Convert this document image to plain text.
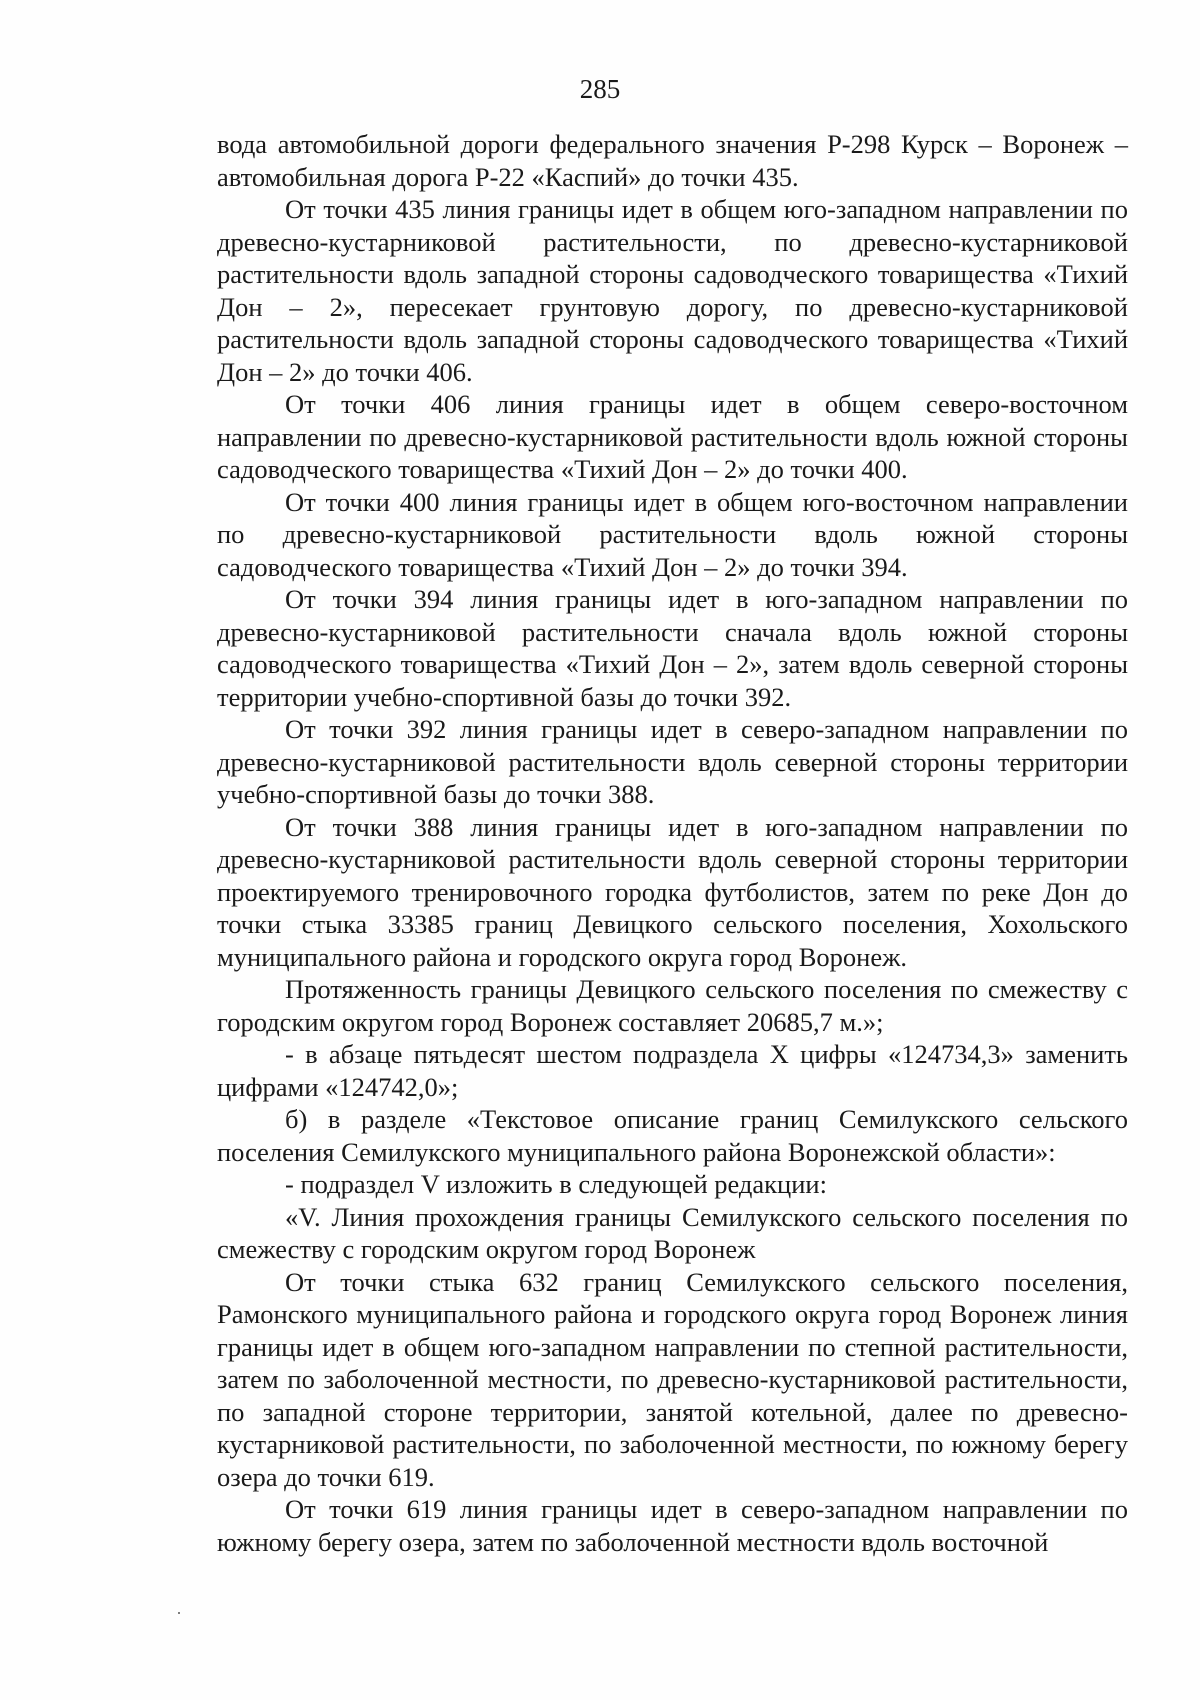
285

вода автомобильной дороги федерального значения Р-298 Курск – Воронеж – автомобильная дорога Р-22 «Каспий» до точки 435.

От точки 435 линия границы идет в общем юго-западном направлении по древесно-кустарниковой растительности, по древесно-кустарниковой растительности вдоль западной стороны садоводческого товарищества «Тихий Дон – 2», пересекает грунтовую дорогу, по древесно-кустарниковой растительности вдоль западной стороны садоводческого товарищества «Тихий Дон – 2» до точки 406.

От точки 406 линия границы идет в общем северо-восточном направлении по древесно-кустарниковой растительности вдоль южной стороны садоводческого товарищества «Тихий Дон – 2» до точки 400.

От точки 400 линия границы идет в общем юго-восточном направлении по древесно-кустарниковой растительности вдоль южной стороны садоводческого товарищества «Тихий Дон – 2» до точки 394.

От точки 394 линия границы идет в юго-западном направлении по древесно-кустарниковой растительности сначала вдоль южной стороны садоводческого товарищества «Тихий Дон – 2», затем вдоль северной стороны территории учебно-спортивной базы до точки 392.

От точки 392 линия границы идет в северо-западном направлении по древесно-кустарниковой растительности вдоль северной стороны территории учебно-спортивной базы до точки 388.

От точки 388 линия границы идет в юго-западном направлении по древесно-кустарниковой растительности вдоль северной стороны территории проектируемого тренировочного городка футболистов, затем по реке Дон до точки стыка 33385 границ Девицкого сельского поселения, Хохольского муниципального района и городского округа город Воронеж.

Протяженность границы Девицкого сельского поселения по смежеству с городским округом город Воронеж составляет 20685,7 м.»;

- в абзаце пятьдесят шестом подраздела X цифры «124734,3» заменить цифрами «124742,0»;

б) в разделе «Текстовое описание границ Семилукского сельского поселения Семилукского муниципального района Воронежской области»:

- подраздел V изложить в следующей редакции:

«V. Линия прохождения границы Семилукского сельского поселения по смежеству с городским округом город Воронеж

От точки стыка 632 границ Семилукского сельского поселения, Рамонского муниципального района и городского округа город Воронеж линия границы идет в общем юго-западном направлении по степной растительности, затем по заболоченной местности, по древесно-кустарниковой растительности, по западной стороне территории, занятой котельной, далее по древесно-кустарниковой растительности, по заболоченной местности, по южному берегу озера до точки 619.

От точки 619 линия границы идет в северо-западном направлении по южному берегу озера, затем по заболоченной местности вдоль восточной
